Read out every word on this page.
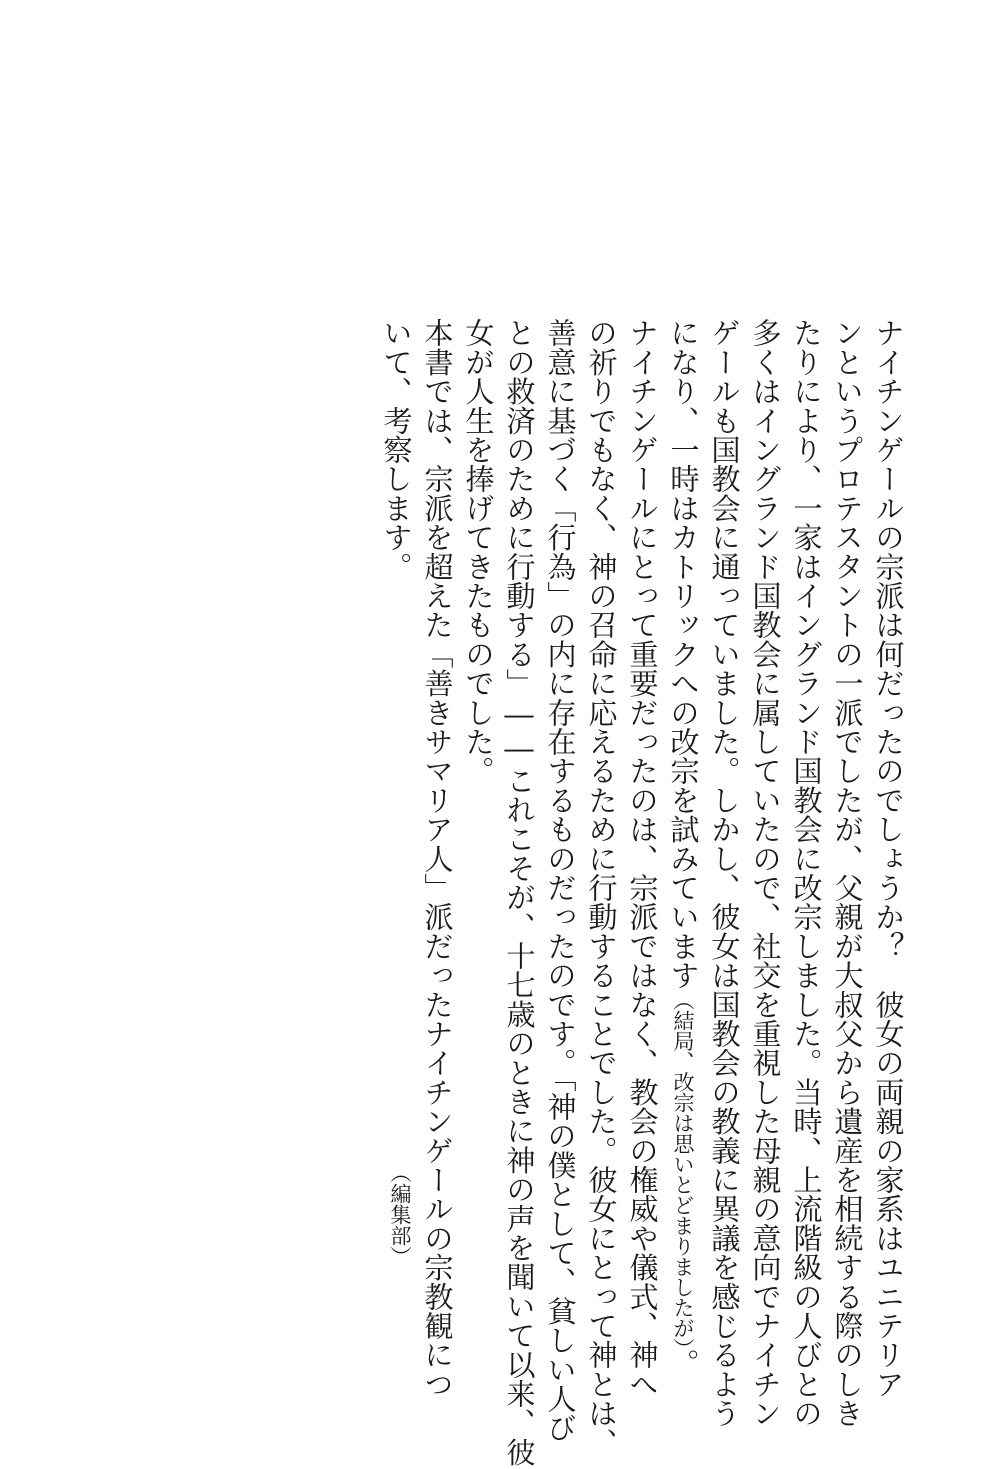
ナイチンゲールの宗派は何だったのでしょうか？　彼女の両親の家系はユニテリア
ンというプロテスタントの一派でしたが、父親が大叔父から遺産を相続する際のしき
たりにより、一家はイングランド国教会に改宗しました。当時、上流階級の人びとの
多くはイングランド国教会に属していたので、社交を重視した母親の意向でナイチン
ゲールも国教会に通っていました。しかし、彼女は国教会の教義に異議を感じるよう
になり、一時はカトリックへの改宗を試みています（結局、改宗は思いとどまりましたが）。
ナイチンゲールにとって重要だったのは、宗派ではなく、教会の権威や儀式、神へ
の祈りでもなく、神の召命に応えるために行動することでした。彼女にとって神とは、
善意に基づく「行為」の内に存在するものだったのです。「神の僕として、貧しい人び
との救済のために行動する」――これこそが、十七歳のときに神の声を聞いて以来、彼
女が人生を捧げてきたものでした。
本書では、宗派を超えた「善きサマリア人」派だったナイチンゲールの宗教観につ
いて、考察します。
（編集部）
